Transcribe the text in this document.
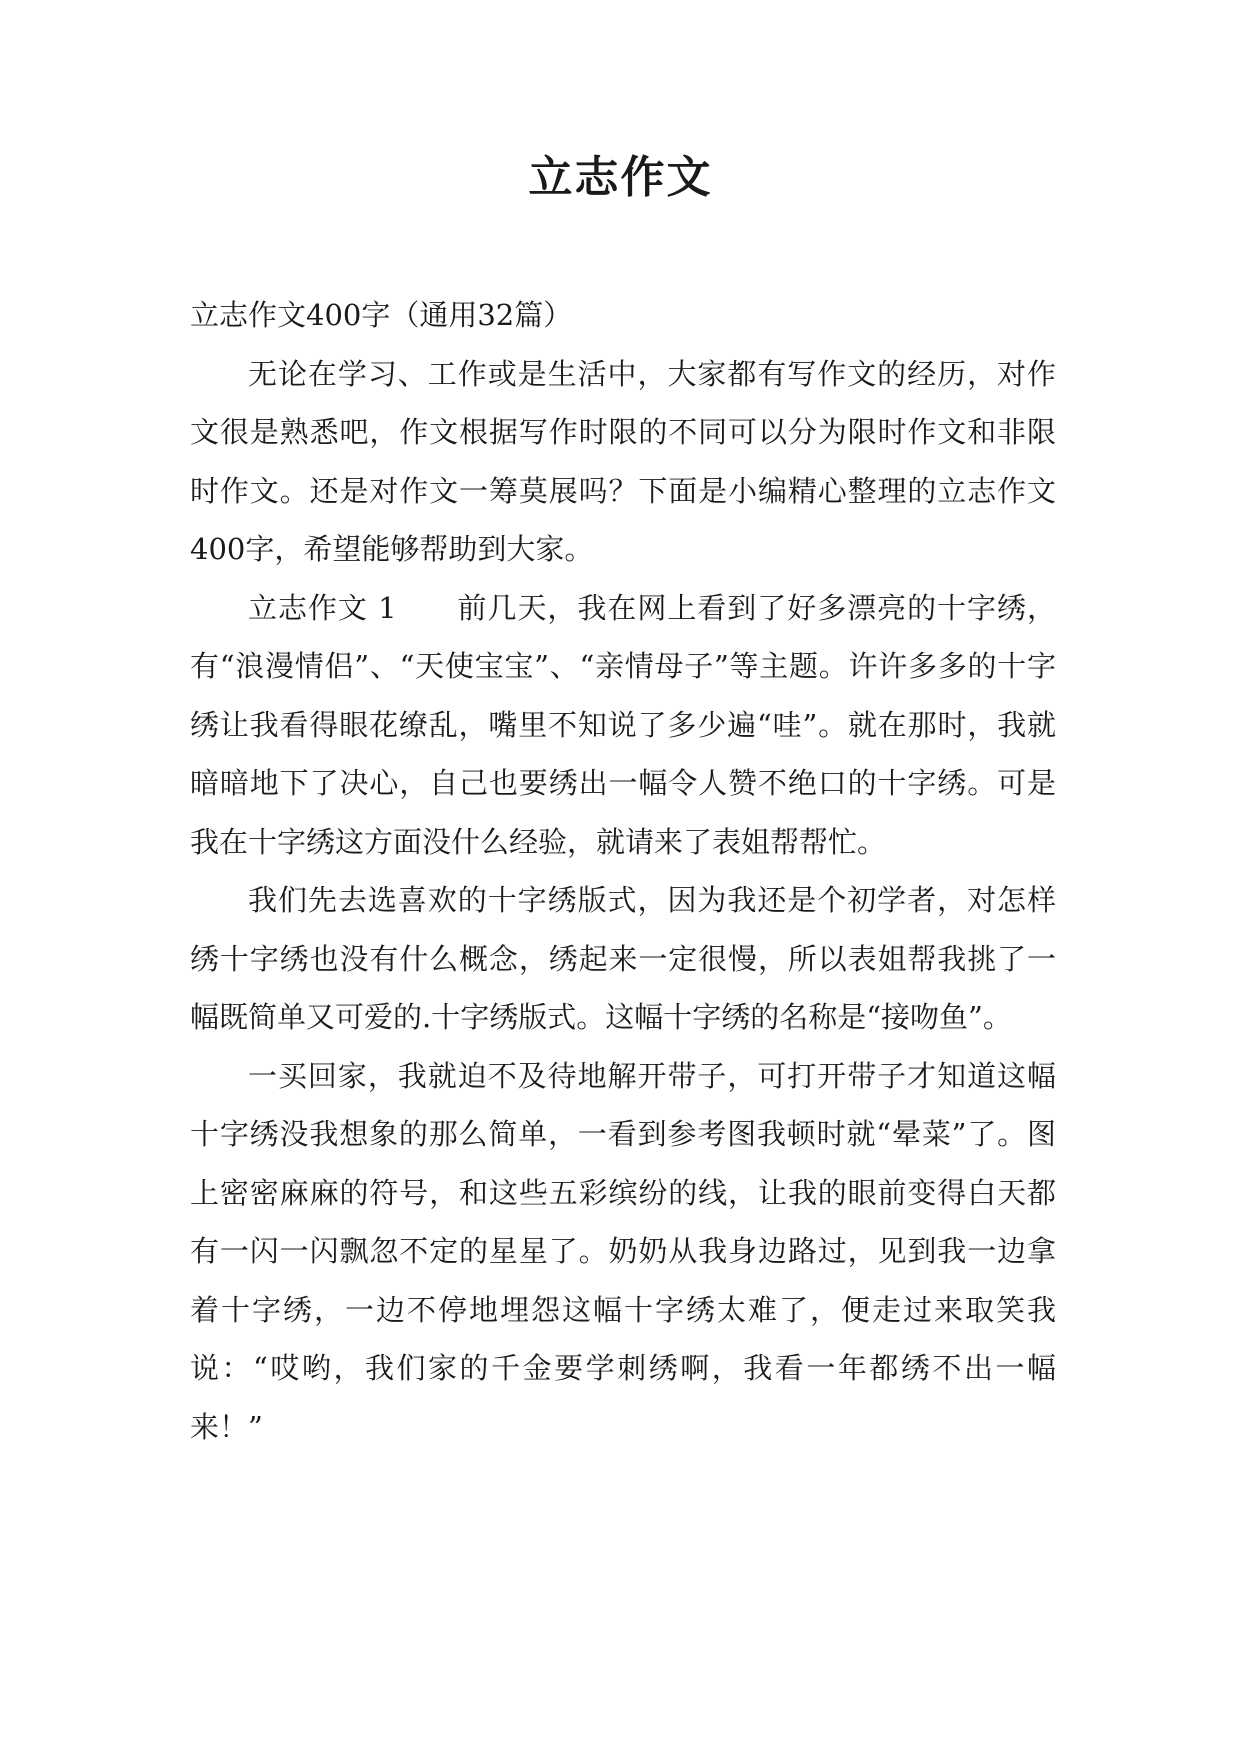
立志作文

立志作文400字（通用32篇）

无论在学习、工作或是生活中，大家都有写作文的经历，对作文很是熟悉吧，作文根据写作时限的不同可以分为限时作文和非限时作文。还是对作文一筹莫展吗？下面是小编精心整理的立志作文400字，希望能够帮助到大家。

立志作文 1 前几天，我在网上看到了好多漂亮的十字绣，有“浪漫情侣”、“天使宝宝”、“亲情母子”等主题。许许多多的十字绣让我看得眼花缭乱，嘴里不知说了多少遍“哇”。就在那时，我就暗暗地下了决心，自己也要绣出一幅令人赞不绝口的十字绣。可是我在十字绣这方面没什么经验，就请来了表姐帮帮忙。

我们先去选喜欢的十字绣版式，因为我还是个初学者，对怎样绣十字绣也没有什么概念，绣起来一定很慢，所以表姐帮我挑了一幅既简单又可爱的.十字绣版式。这幅十字绣的名称是“接吻鱼”。

一买回家，我就迫不及待地解开带子，可打开带子才知道这幅十字绣没我想象的那么简单，一看到参考图我顿时就“晕菜”了。图上密密麻麻的符号，和这些五彩缤纷的线，让我的眼前变得白天都有一闪一闪飘忽不定的星星了。奶奶从我身边路过，见到我一边拿着十字绣，一边不停地埋怨这幅十字绣太难了，便走过来取笑我说：“哎哟，我们家的千金要学刺绣啊，我看一年都绣不出一幅来！”
